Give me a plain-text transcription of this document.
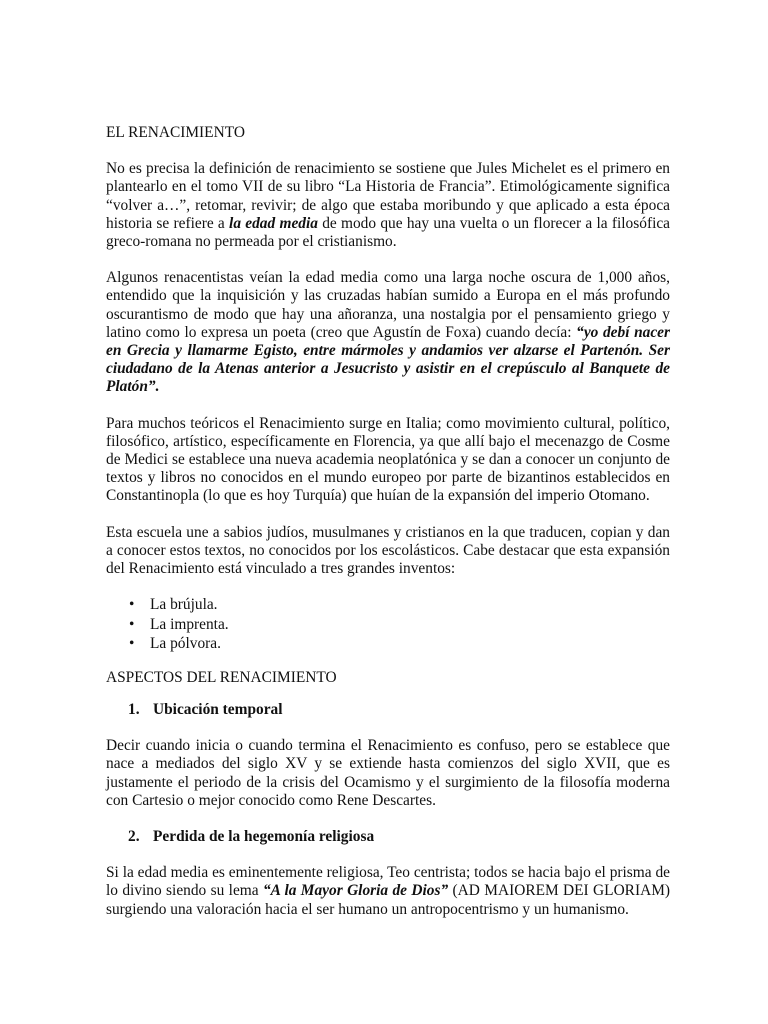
EL RENACIMIENTO

No es precisa la definición de renacimiento se sostiene que Jules Michelet es el primero en plantearlo en el tomo VII de su libro “La Historia de Francia”. Etimológicamente significa “volver a…”, retomar, revivir; de algo que estaba moribundo y que aplicado a esta época historia se refiere a la edad media de modo que hay una vuelta o un florecer a la filosófica greco-romana no permeada por el cristianismo.

Algunos renacentistas veían la edad media como una larga noche oscura de 1,000 años, entendido que la inquisición y las cruzadas habían sumido a Europa en el más profundo oscurantismo de modo que hay una añoranza, una nostalgia por el pensamiento griego y latino como lo expresa un poeta (creo que Agustín de Foxa) cuando decía: “yo debí nacer en Grecia y llamarme Egisto, entre mármoles y andamios ver alzarse el Partenón. Ser ciudadano de la Atenas anterior a Jesucristo y asistir en el crepúsculo al Banquete de Platón”.

Para muchos teóricos el Renacimiento surge en Italia; como movimiento cultural, político, filosófico, artístico, específicamente en Florencia, ya que allí bajo el mecenazgo de Cosme de Medici se establece una nueva academia neoplatónica y se dan a conocer un conjunto de textos y libros no conocidos en el mundo europeo por parte de bizantinos establecidos en Constantinopla (lo que es hoy Turquía) que huían de la expansión del imperio Otomano.

Esta escuela une a sabios judíos, musulmanes y cristianos en la que traducen, copian y dan a conocer estos textos, no conocidos por los escolásticos. Cabe destacar que esta expansión del Renacimiento está vinculado a tres grandes inventos:

• La brújula.
• La imprenta.
• La pólvora.

ASPECTOS DEL RENACIMIENTO

1. Ubicación temporal

Decir cuando inicia o cuando termina el Renacimiento es confuso, pero se establece que nace a mediados del siglo XV y se extiende hasta comienzos del siglo XVII, que es justamente el periodo de la crisis del Ocamismo y el surgimiento de la filosofía moderna con Cartesio o mejor conocido como Rene Descartes.

2. Perdida de la hegemonía religiosa

Si la edad media es eminentemente religiosa, Teo centrista; todos se hacia bajo el prisma de lo divino siendo su lema “A la Mayor Gloria de Dios” (AD MAIOREM DEI GLORIAM) surgiendo una valoración hacia el ser humano un antropocentrismo y un humanismo.
